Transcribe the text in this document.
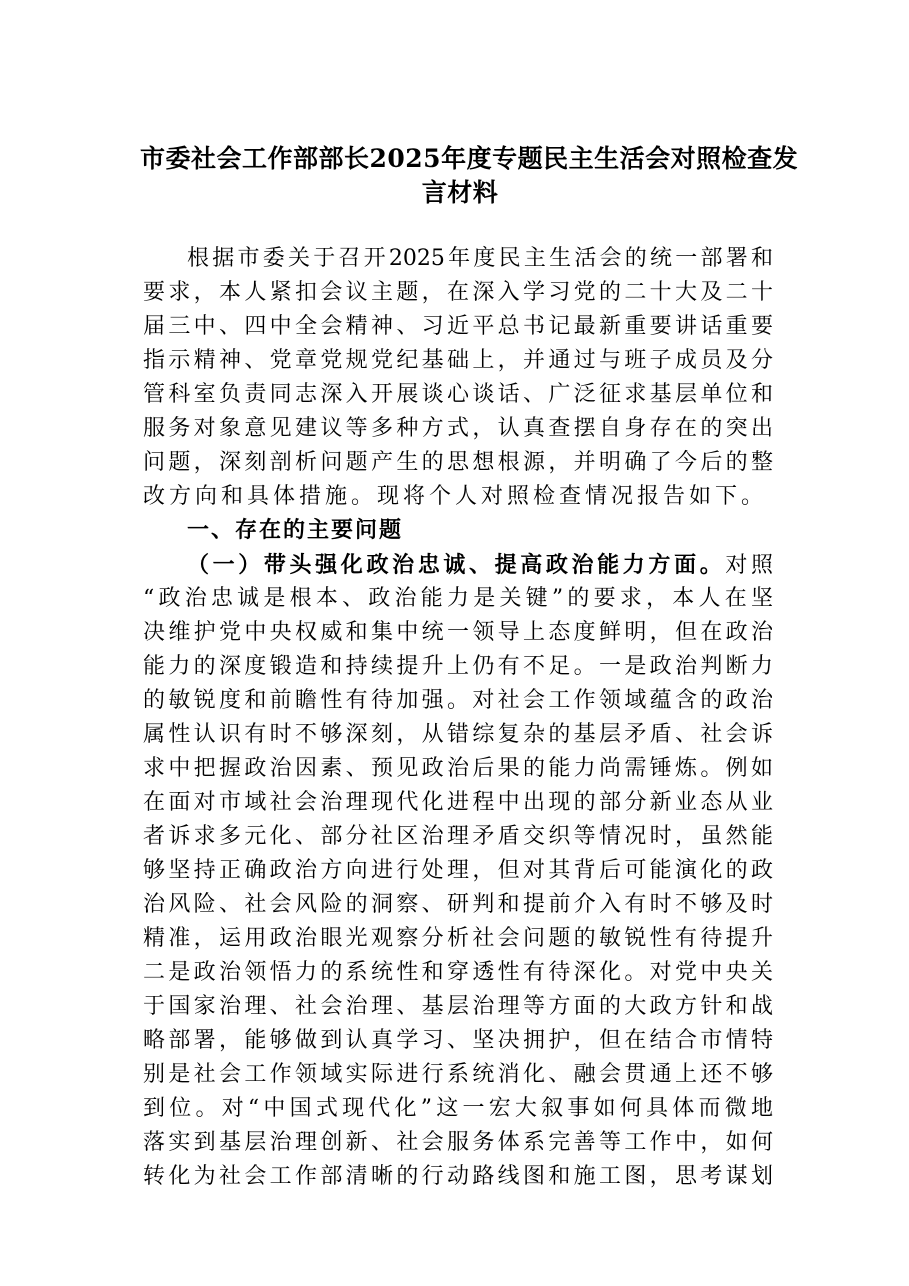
市委社会工作部部长2025年度专题民主生活会对照检查发
言材料
根据市委关于召开2025年度民主生活会的统一部署和
要求，本人紧扣会议主题，在深入学习党的二十大及二十
届三中、四中全会精神、习近平总书记最新重要讲话重要
指示精神、党章党规党纪基础上，并通过与班子成员及分
管科室负责同志深入开展谈心谈话、广泛征求基层单位和
服务对象意见建议等多种方式，认真查摆自身存在的突出
问题，深刻剖析问题产生的思想根源，并明确了今后的整
改方向和具体措施。现将个人对照检查情况报告如下。
一、存在的主要问题
（一）带头强化政治忠诚、提高政治能力方面。对照
“政治忠诚是根本、政治能力是关键”的要求，本人在坚
决维护党中央权威和集中统一领导上态度鲜明，但在政治
能力的深度锻造和持续提升上仍有不足。一是政治判断力
的敏锐度和前瞻性有待加强。对社会工作领域蕴含的政治
属性认识有时不够深刻，从错综复杂的基层矛盾、社会诉
求中把握政治因素、预见政治后果的能力尚需锤炼。例如
在面对市域社会治理现代化进程中出现的部分新业态从业
者诉求多元化、部分社区治理矛盾交织等情况时，虽然能
够坚持正确政治方向进行处理，但对其背后可能演化的政
治风险、社会风险的洞察、研判和提前介入有时不够及时
精准，运用政治眼光观察分析社会问题的敏锐性有待提升
二是政治领悟力的系统性和穿透性有待深化。对党中央关
于国家治理、社会治理、基层治理等方面的大政方针和战
略部署，能够做到认真学习、坚决拥护，但在结合市情特
别是社会工作领域实际进行系统消化、融会贯通上还不够
到位。对“中国式现代化”这一宏大叙事如何具体而微地
落实到基层治理创新、社会服务体系完善等工作中，如何
转化为社会工作部清晰的行动路线图和施工图，思考谋划
